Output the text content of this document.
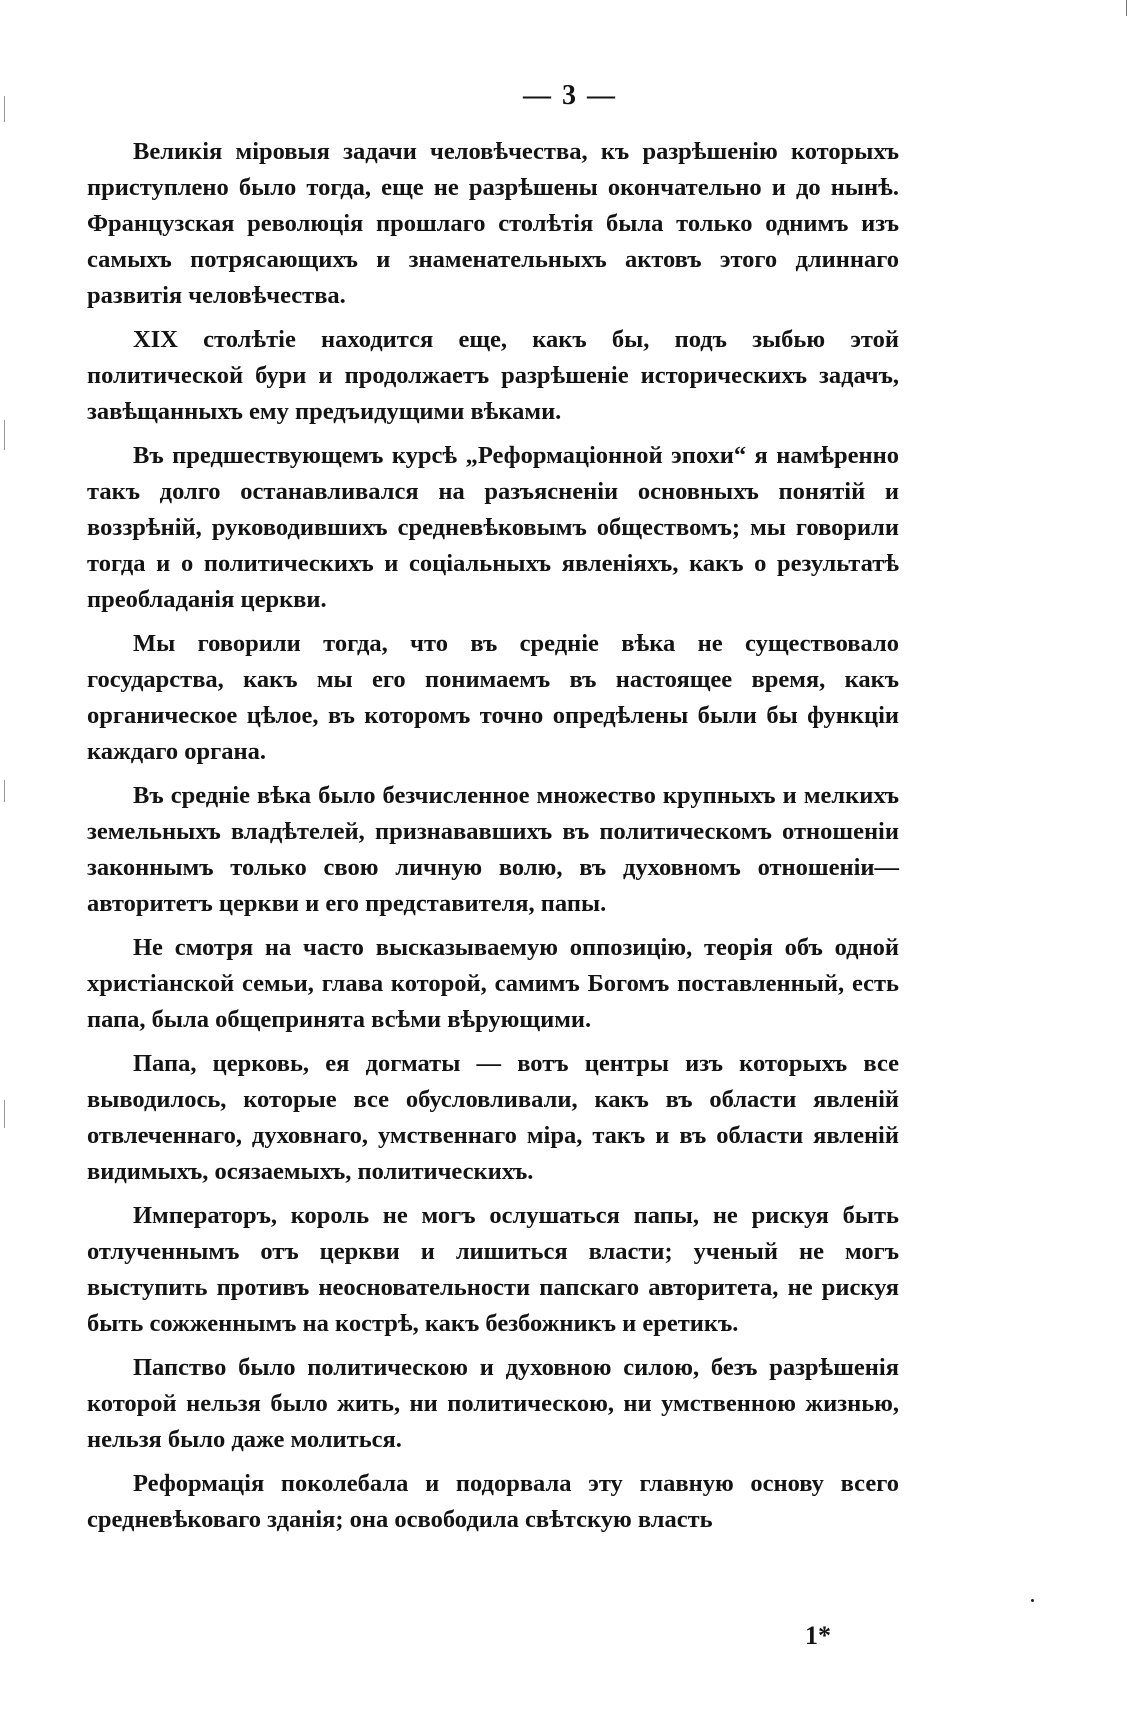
— 3 —

Великія міровыя задачи человѣчества, къ разрѣшенію которыхъ приступлено было тогда, еще не разрѣшены окончательно и до нынѣ. Французская революція прошлаго столѣтія была только однимъ изъ самыхъ потрясающихъ и знаменательныхъ актовъ этого длиннаго развитія человѣчества.

XIX столѣтіе находится еще, какъ бы, подъ зыбью этой политической бури и продолжаетъ разрѣшеніе историческихъ задачъ, завѣщанныхъ ему предъидущими вѣками.

Въ предшествующемъ курсѣ „Реформаціонной эпохи“ я намѣренно такъ долго останавливался на разъясненіи основныхъ понятій и воззрѣній, руководившихъ средневѣковымъ обществомъ; мы говорили тогда и о политическихъ и соціальныхъ явленіяхъ, какъ о результатѣ преобладанія церкви.

Мы говорили тогда, что въ средніе вѣка не существовало государства, какъ мы его понимаемъ въ настоящее время, какъ органическое цѣлое, въ которомъ точно опредѣлены были бы функціи каждаго органа.

Въ средніе вѣка было безчисленное множество крупныхъ и мелкихъ земельныхъ владѣтелей, признававшихъ въ политическомъ отношеніи законнымъ только свою личную волю, въ духовномъ отношеніи—авторитетъ церкви и его представителя, папы.

Не смотря на часто высказываемую оппозицію, теорія объ одной христіанской семьи, глава которой, самимъ Богомъ поставленный, есть папа, была общепринята всѣми вѣрующими.

Папа, церковь, ея догматы — вотъ центры изъ которыхъ все выводилось, которые все обусловливали, какъ въ области явленій отвлеченнаго, духовнаго, умственнаго міра, такъ и въ области явленій видимыхъ, осязаемыхъ, политическихъ.

Императоръ, король не могъ ослушаться папы, не рискуя быть отлученнымъ отъ церкви и лишиться власти; ученый не могъ выступить противъ неосновательности папскаго авторитета, не рискуя быть сожженнымъ на кострѣ, какъ безбожникъ и еретикъ.

Папство было политическою и духовною силою, безъ разрѣшенія которой нельзя было жить, ни политическою, ни умственною жизнью, нельзя было даже молиться.

Реформація поколебала и подорвала эту главную основу всего средневѣковаго зданія; она освободила свѣтскую власть

1*
